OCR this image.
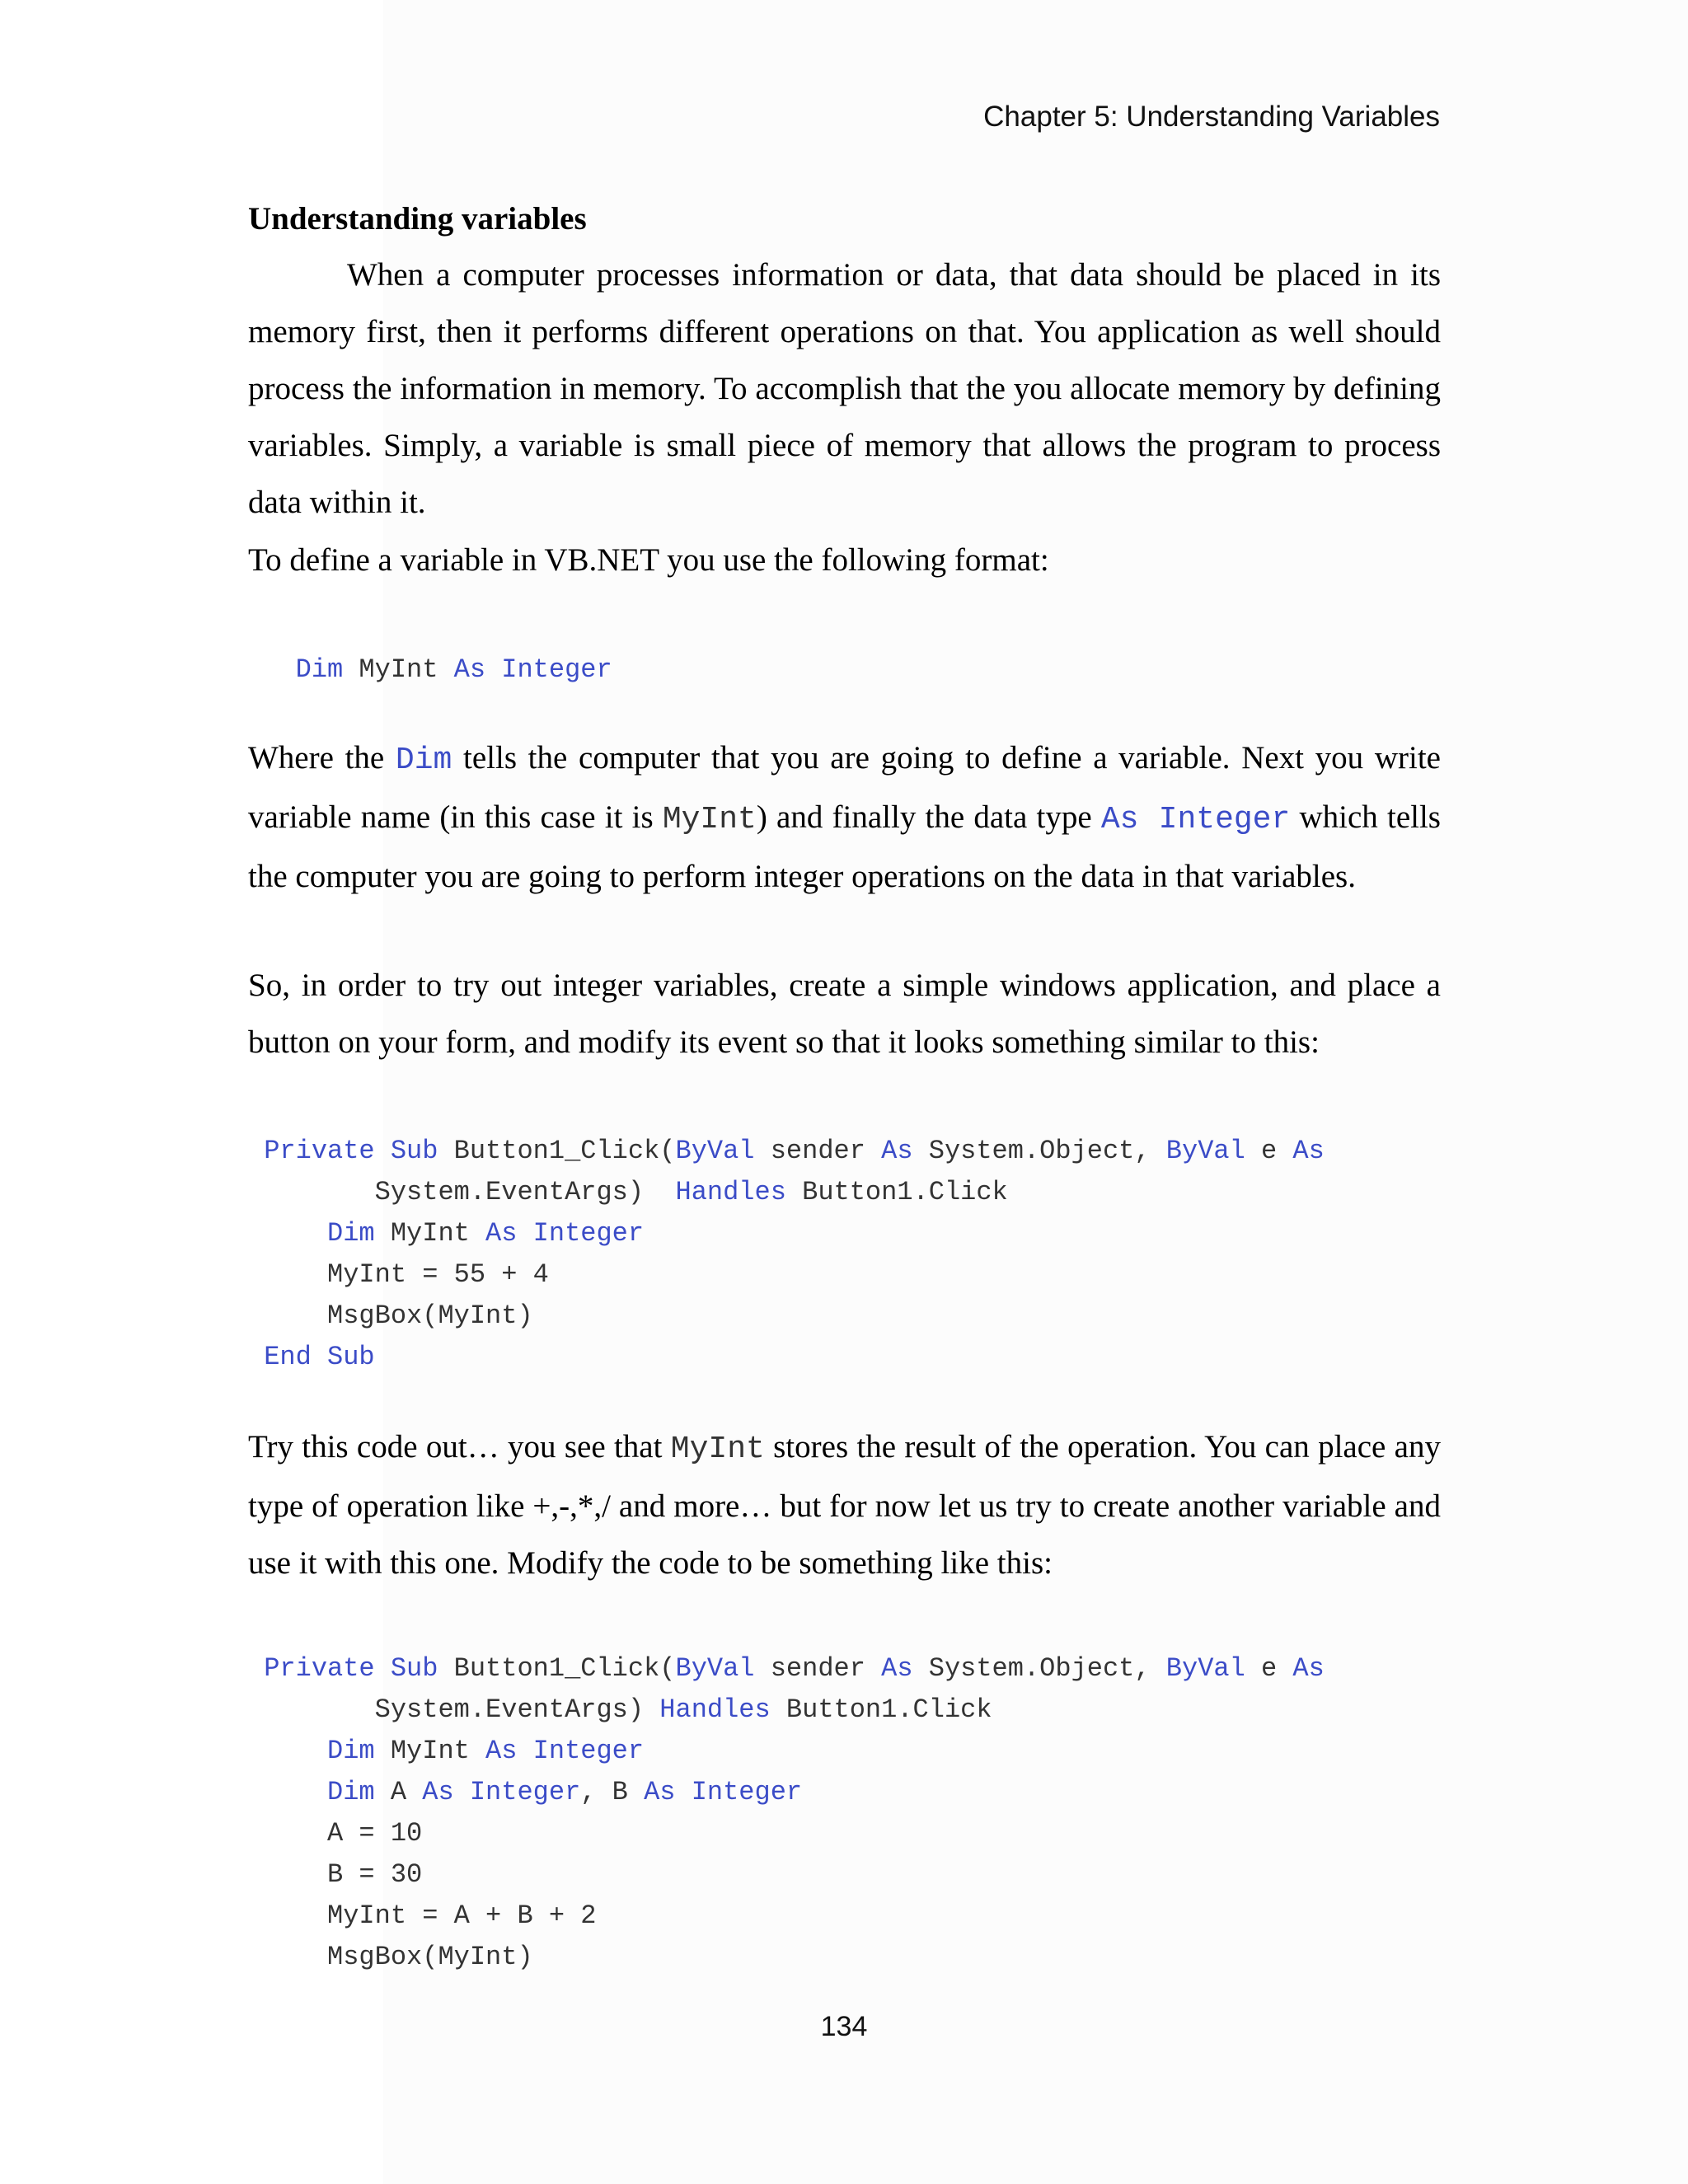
Chapter 5: Understanding Variables
Understanding variables
When a computer processes information or data, that data should be placed in its memory first, then it performs different operations on that. You application as well should process the information in memory. To accomplish that the you allocate memory by defining variables. Simply, a variable is small piece of memory that allows the program to process data within it.
To define a variable in VB.NET you use the following format:
Dim MyInt As Integer
Where the Dim tells the computer that you are going to define a variable. Next you write variable name (in this case it is MyInt) and finally the data type As Integer which tells the computer you are going to perform integer operations on the data in that variables.
So, in order to try out integer variables, create a simple windows application, and place a button on your form, and modify its event so that it looks something similar to this:
Private Sub Button1_Click(ByVal sender As System.Object, ByVal e As
System.EventArgs) Handles Button1.Click
Dim MyInt As Integer
MyInt = 55 + 4
MsgBox(MyInt)
End Sub
Try this code out… you see that MyInt stores the result of the operation. You can place any type of operation like +,-,*,/ and more… but for now let us try to create another variable and use it with this one. Modify the code to be something like this:
Private Sub Button1_Click(ByVal sender As System.Object, ByVal e As
System.EventArgs) Handles Button1.Click
Dim MyInt As Integer
Dim A As Integer, B As Integer
A = 10
B = 30
MyInt = A + B + 2
MsgBox(MyInt)
134
